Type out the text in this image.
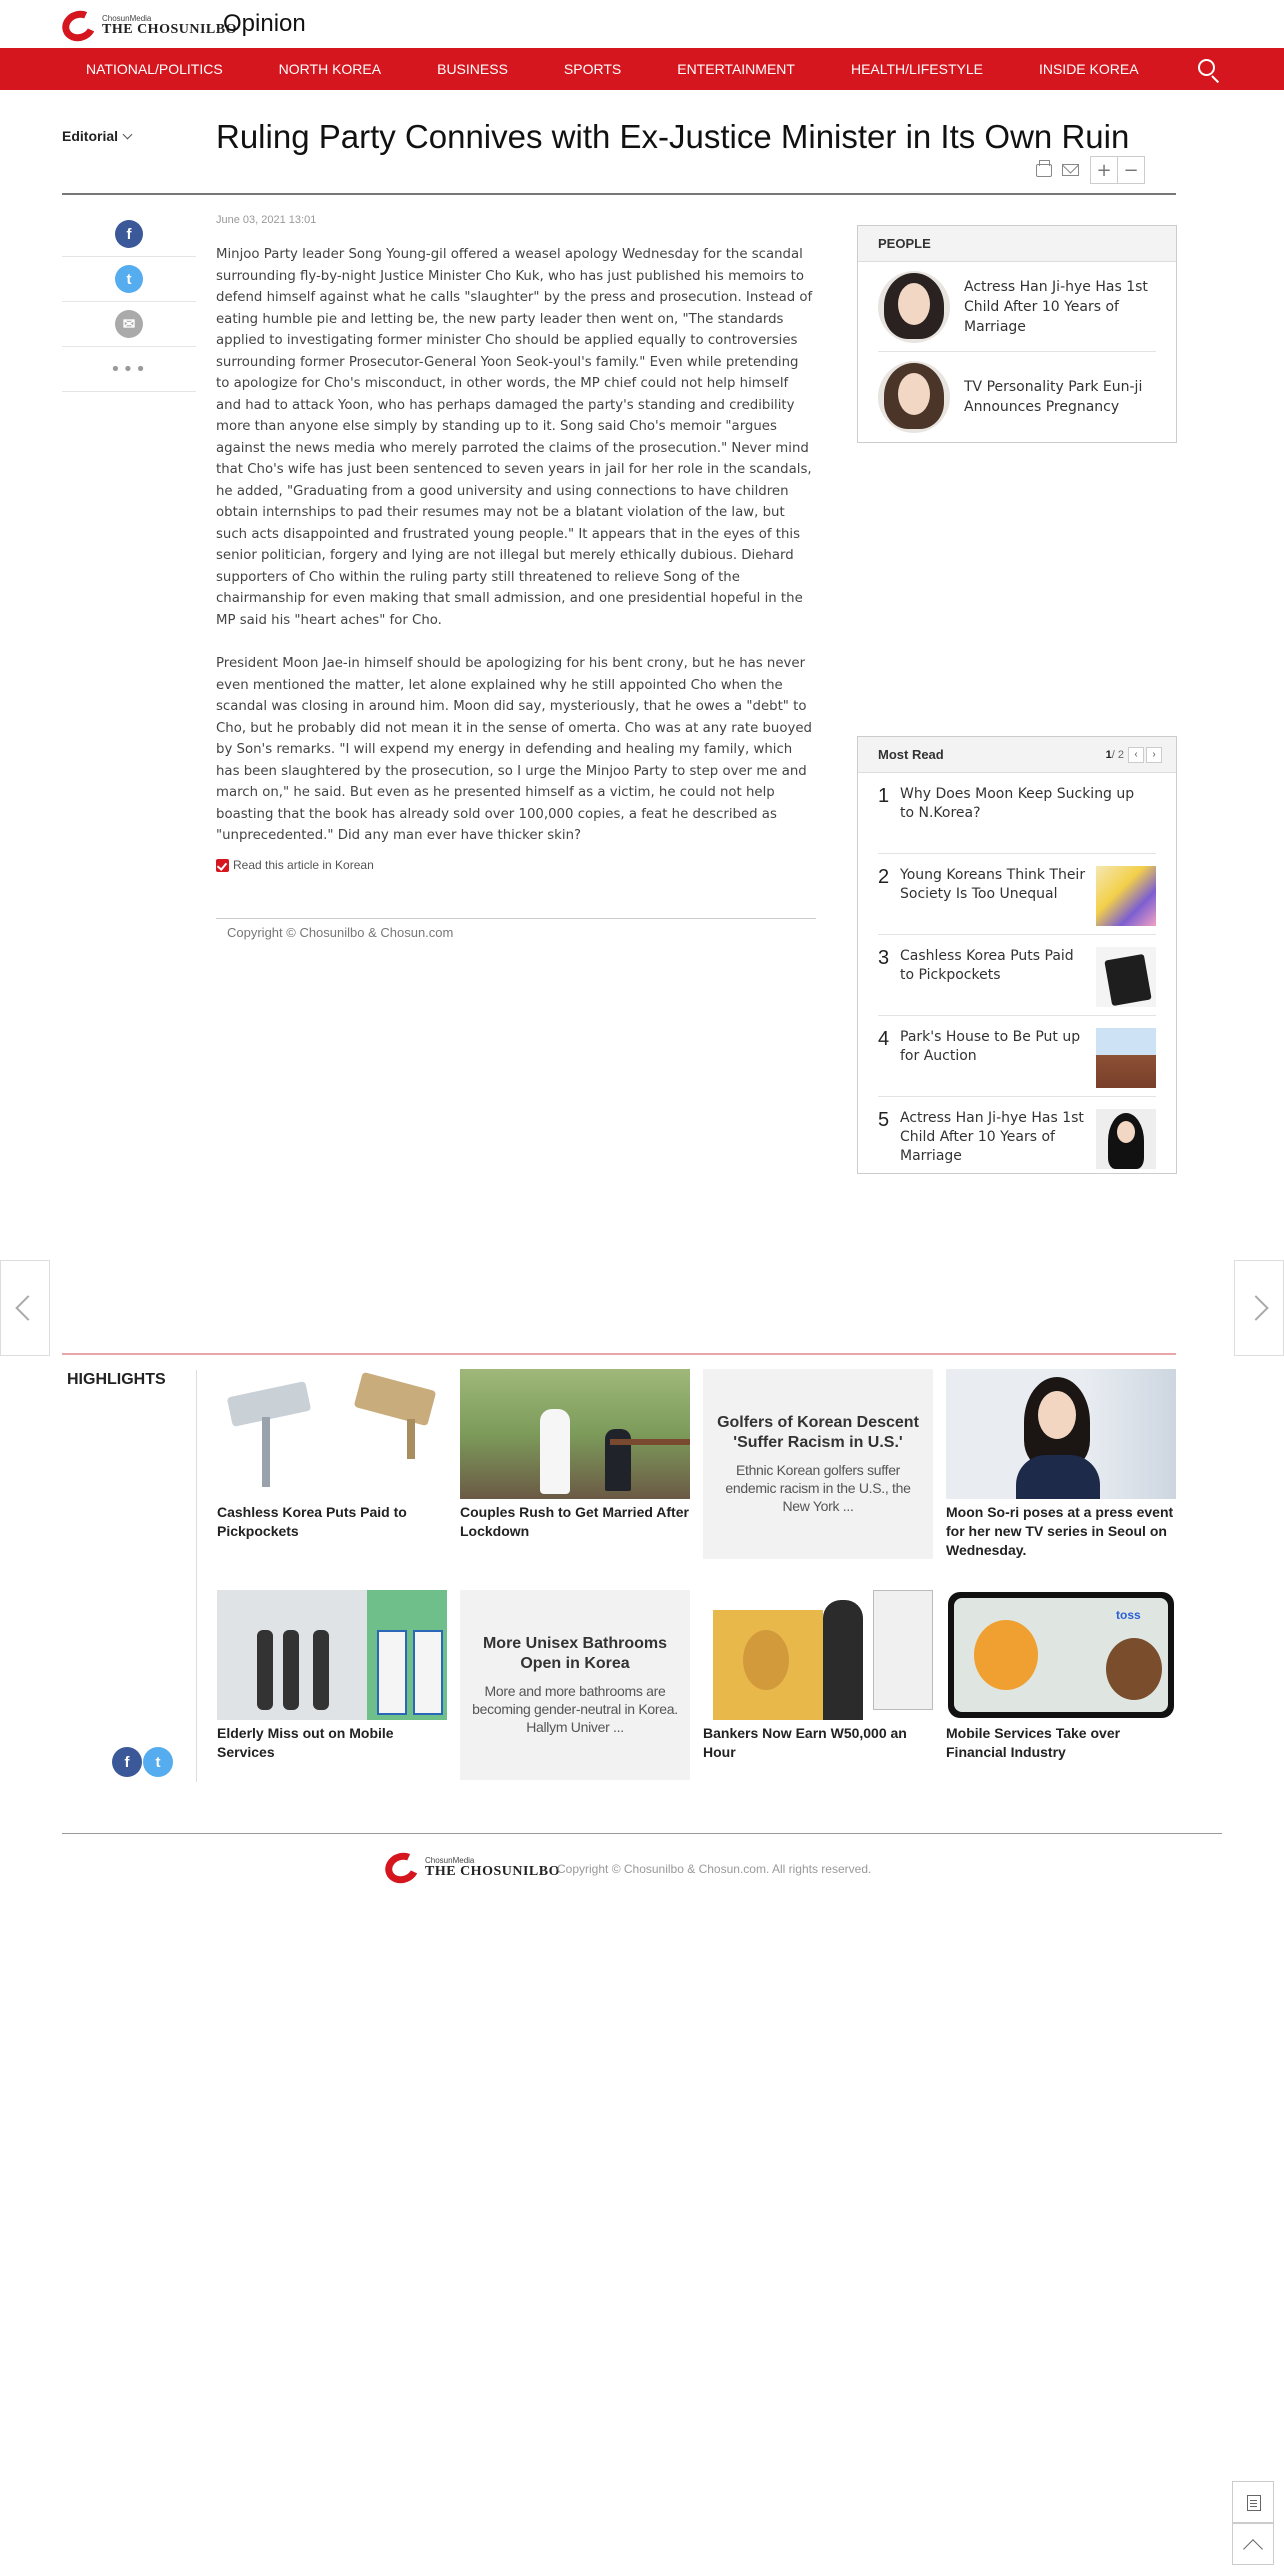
ChosunMedia
THE CHOSUNILBO
Opinion
NATIONAL/POLITICS	NORTH KOREA	BUSINESS	SPORTS	ENTERTAINMENT	HEALTH/LIFESTYLE	INSIDE KOREA
Editorial	Ruling Party Connives with Ex-Justice Minister in Its Own Ruin
+ −
f
t
✉
•••
June 03, 2021 13:01

Minjoo Party leader Song Young-gil offered a weasel apology Wednesday for the scandal surrounding fly-by-night Justice Minister Cho Kuk, who has just published his memoirs to defend himself against what he calls "slaughter" by the press and prosecution. Instead of eating humble pie and letting be, the new party leader then went on, "The standards applied to investigating former minister Cho should be applied equally to controversies surrounding former Prosecutor-General Yoon Seok-youl's family." Even while pretending to apologize for Cho's misconduct, in other words, the MP chief could not help himself and had to attack Yoon, who has perhaps damaged the party's standing and credibility more than anyone else simply by standing up to it. Song said Cho's memoir "argues against the news media who merely parroted the claims of the prosecution." Never mind that Cho's wife has just been sentenced to seven years in jail for her role in the scandals, he added, "Graduating from a good university and using connections to have children obtain internships to pad their resumes may not be a blatant violation of the law, but such acts disappointed and frustrated young people." It appears that in the eyes of this senior politician, forgery and lying are not illegal but merely ethically dubious. Diehard supporters of Cho within the ruling party still threatened to relieve Song of the chairmanship for even making that small admission, and one presidential hopeful in the MP said his "heart aches" for Cho.

President Moon Jae-in himself should be apologizing for his bent crony, but he has never even mentioned the matter, let alone explained why he still appointed Cho when the scandal was closing in around him. Moon did say, mysteriously, that he owes a "debt" to Cho, but he probably did not mean it in the sense of omerta. Cho was at any rate buoyed by Son's remarks. "I will expend my energy in defending and healing my family, which has been slaughtered by the prosecution, so I urge the Minjoo Party to step over me and march on," he said. But even as he presented himself as a victim, he could not help boasting that the book has already sold over 100,000 copies, a feat he described as "unprecedented." Did any man ever have thicker skin?

Read this article in Korean
Copyright © Chosunilbo & Chosun.com
PEOPLE
Actress Han Ji-hye Has 1st Child After 10 Years of Marriage
TV Personality Park Eun-ji Announces Pregnancy
Most Read	1 / 2	‹	›
1 Why Does Moon Keep Sucking up to N.Korea?
2 Young Koreans Think Their Society Is Too Unequal
3 Cashless Korea Puts Paid to Pickpockets
4 Park's House to Be Put up for Auction
5 Actress Han Ji-hye Has 1st Child After 10 Years of Marriage
HIGHLIGHTS
f	t
Cashless Korea Puts Paid to Pickpockets
Couples Rush to Get Married After Lockdown
Golfers of Korean Descent 'Suffer Racism in U.S.'
Ethnic Korean golfers suffer endemic racism in the U.S., the New York ...	Moon So-ri poses at a press event for her new TV series in Seoul on Wednesday.
Elderly Miss out on Mobile Services
More Unisex Bathrooms Open in Korea
More and more bathrooms are becoming gender-neutral in Korea. Hallym Univer ...	Bankers Now Earn W50,000 an Hour
toss
Mobile Services Take over Financial Industry
ChosunMedia
THE CHOSUNILBO
Copyright © Chosunilbo & Chosun.com. All rights reserved.
